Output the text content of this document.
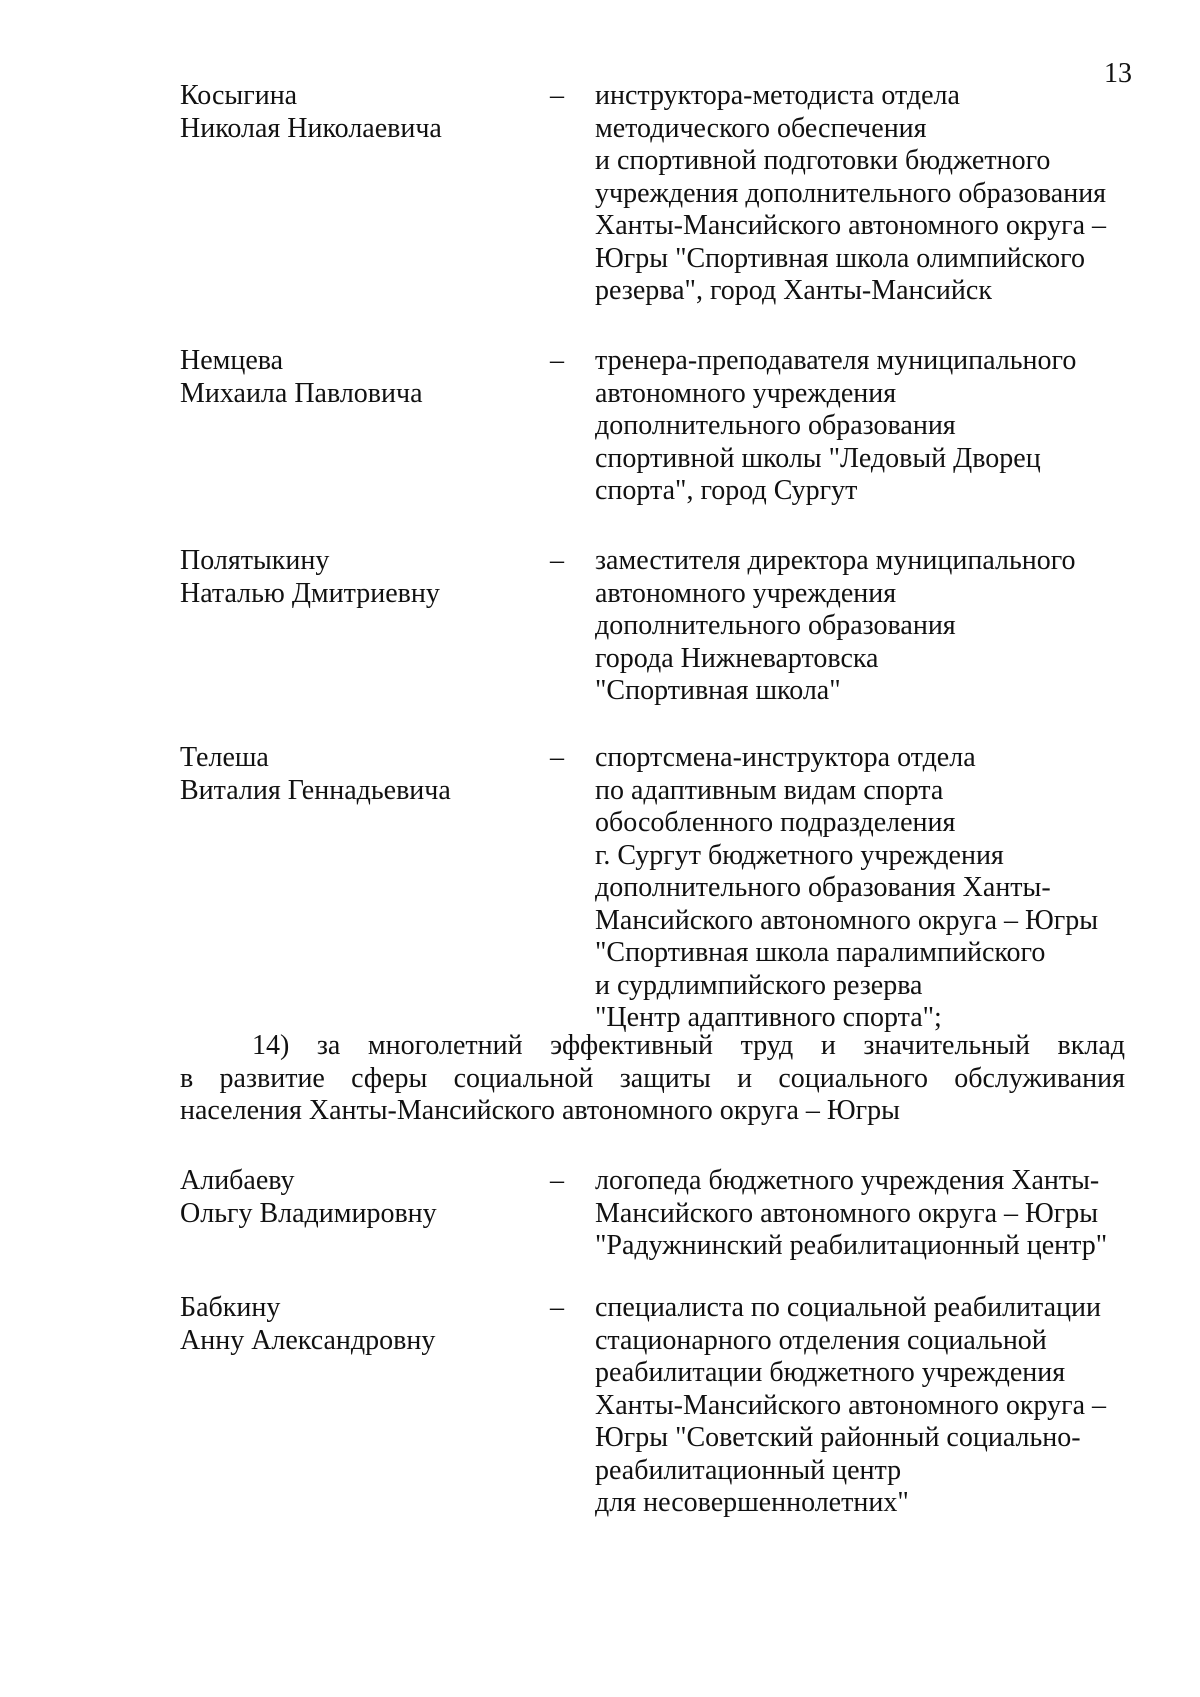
13
Косыгина
Николая Николаевича
–	инструктора-методиста отдела
методического обеспечения
и спортивной подготовки бюджетного
учреждения дополнительного образования
Ханты-Мансийского автономного округа –
Югры "Спортивная школа олимпийского
резерва", город Ханты-Мансийск
Немцева
Михаила Павловича
–	тренера-преподавателя муниципального
автономного учреждения
дополнительного образования
спортивной школы "Ледовый Дворец
спорта", город Сургут
Полятыкину
Наталью Дмитриевну
–	заместителя директора муниципального
автономного учреждения
дополнительного образования
города Нижневартовска
"Спортивная школа"
Телеша
Виталия Геннадьевича
–	спортсмена-инструктора отдела
по адаптивным видам спорта
обособленного подразделения
г. Сургут бюджетного учреждения
дополнительного образования Ханты-
Мансийского автономного округа – Югры
"Спортивная школа паралимпийского
и сурдлимпийского резерва
"Центр адаптивного спорта";
14) за многолетний эффективный труд и значительный вклад
в развитие сферы социальной защиты и социального обслуживания
населения Ханты-Мансийского автономного округа – Югры
Алибаеву
Ольгу Владимировну
–	логопеда бюджетного учреждения Ханты-
Мансийского автономного округа – Югры
"Радужнинский реабилитационный центр"
Бабкину
Анну Александровну
–	специалиста по социальной реабилитации
стационарного отделения социальной
реабилитации бюджетного учреждения
Ханты-Мансийского автономного округа –
Югры "Советский районный социально-
реабилитационный центр
для несовершеннолетних"
